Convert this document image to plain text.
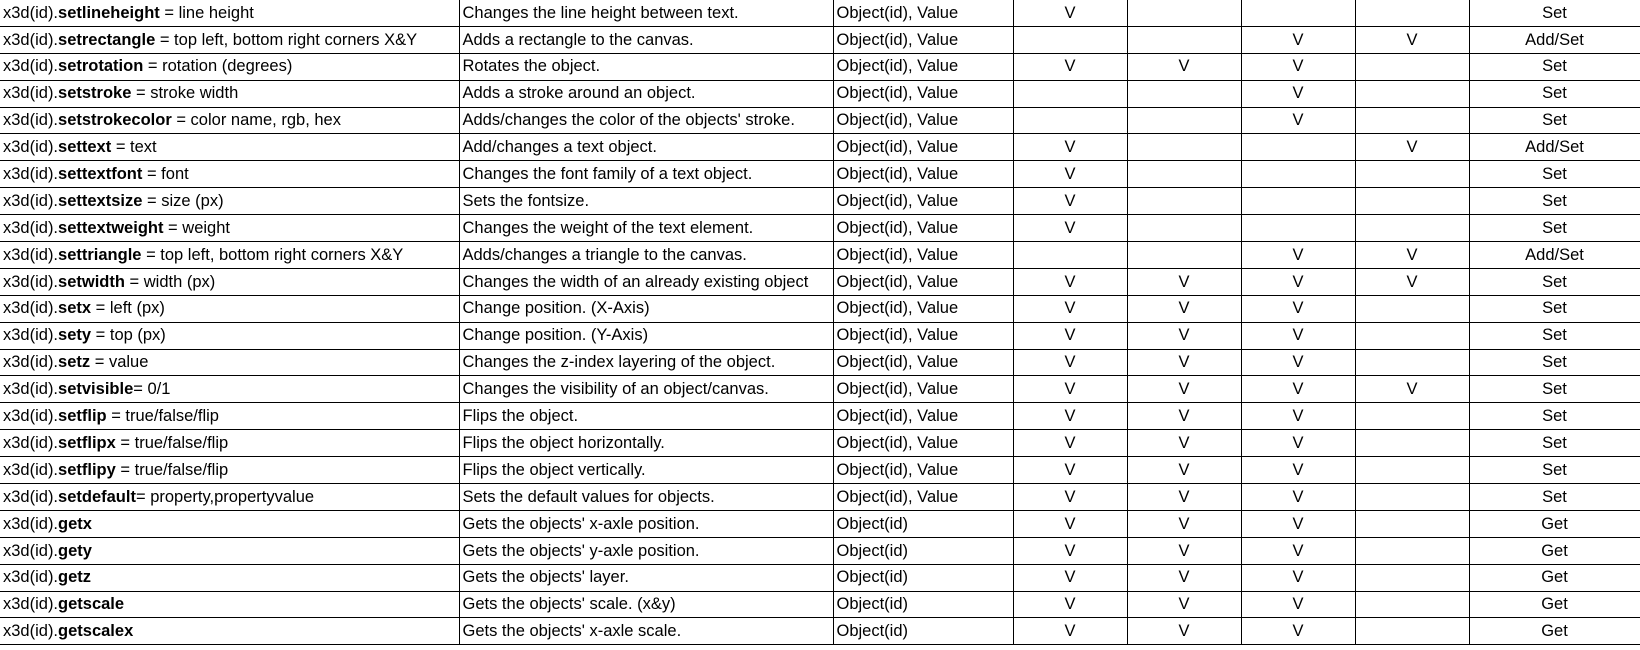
x3d(id).setlineheight = line height	Changes the line height between text.	Object(id), Value	V				Set
x3d(id).setrectangle = top left, bottom right corners X&Y	Adds a rectangle to the canvas.	Object(id), Value			V	V	Add/Set
x3d(id).setrotation = rotation (degrees)	Rotates the object.	Object(id), Value	V	V	V		Set
x3d(id).setstroke = stroke width	Adds a stroke around an object.	Object(id), Value			V		Set
x3d(id).setstrokecolor = color name, rgb, hex	Adds/changes the color of the objects' stroke.	Object(id), Value			V		Set
x3d(id).settext = text	Add/changes a text object.	Object(id), Value	V			V	Add/Set
x3d(id).settextfont = font	Changes the font family of a text object.	Object(id), Value	V				Set
x3d(id).settextsize = size (px)	Sets the fontsize.	Object(id), Value	V				Set
x3d(id).settextweight = weight	Changes the weight of the text element.	Object(id), Value	V				Set
x3d(id).settriangle = top left, bottom right corners X&Y	Adds/changes a triangle to the canvas.	Object(id), Value			V	V	Add/Set
x3d(id).setwidth = width (px)	Changes the width of an already existing object	Object(id), Value	V	V	V	V	Set
x3d(id).setx = left (px)	Change position. (X-Axis)	Object(id), Value	V	V	V		Set
x3d(id).sety = top (px)	Change position. (Y-Axis)	Object(id), Value	V	V	V		Set
x3d(id).setz = value	Changes the z-index layering of the object.	Object(id), Value	V	V	V		Set
x3d(id).setvisible= 0/1	Changes the visibility of an object/canvas.	Object(id), Value	V	V	V	V	Set
x3d(id).setflip = true/false/flip	Flips the object.	Object(id), Value	V	V	V		Set
x3d(id).setflipx = true/false/flip	Flips the object horizontally.	Object(id), Value	V	V	V		Set
x3d(id).setflipy = true/false/flip	Flips the object vertically.	Object(id), Value	V	V	V		Set
x3d(id).setdefault= property,propertyvalue	Sets the default values for objects.	Object(id), Value	V	V	V		Set
x3d(id).getx	Gets the objects' x-axle position.	Object(id)	V	V	V		Get
x3d(id).gety	Gets the objects' y-axle position.	Object(id)	V	V	V		Get
x3d(id).getz	Gets the objects' layer.	Object(id)	V	V	V		Get
x3d(id).getscale	Gets the objects' scale. (x&y)	Object(id)	V	V	V		Get
x3d(id).getscalex	Gets the objects' x-axle scale.	Object(id)	V	V	V		Get
